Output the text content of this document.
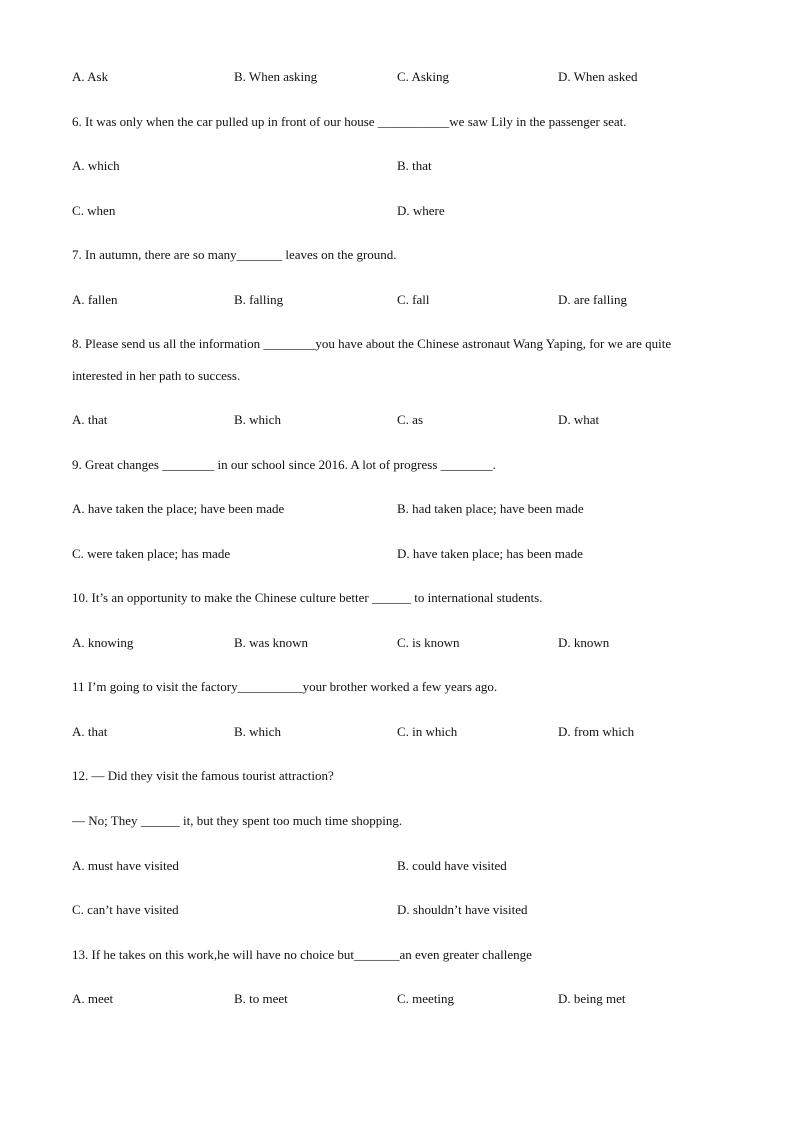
A. Ask	B. When asking	C. Asking	D. When asked
6. It was only when the car pulled up in front of our house ___________we saw Lily in the passenger seat.
A. which	B. that
C. when	D. where
7. In autumn, there are so many_______ leaves on the ground.
A. fallen	B. falling	C. fall	D. are falling
8. Please send us all the information ________you have about the Chinese astronaut Wang Yaping, for we are quite
interested in her path to success.
A. that	B. which	C. as	D. what
9. Great changes ________ in our school since 2016. A lot of progress ________.
A. have taken the place; have been made	B. had taken place; have been made
C. were taken place; has made	D. have taken place; has been made
10. It’s an opportunity to make the Chinese culture better ______ to international students.
A. knowing	B. was known	C. is known	D. known
11 I’m going to visit the factory__________your brother worked a few years ago.
A. that	B. which	C. in which	D. from which
12. — Did they visit the famous tourist attraction?
— No; They ______ it, but they spent too much time shopping.
A. must have visited	B. could have visited
C. can’t have visited	D. shouldn’t have visited
13. If he takes on this work,he will have no choice but_______an even greater challenge
A. meet	B. to meet	C. meeting	D. being met
